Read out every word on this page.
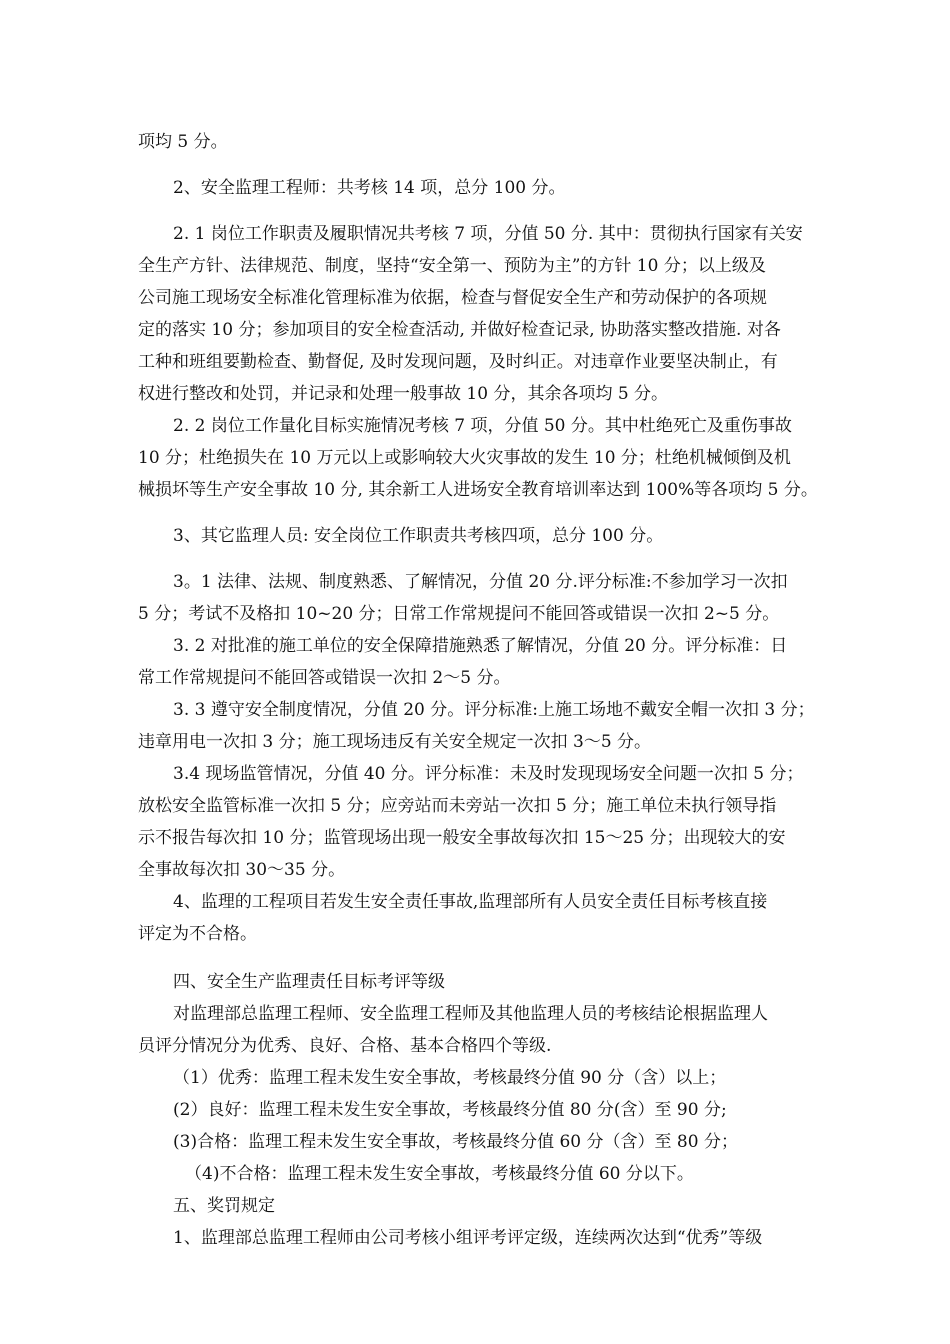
项均 5 分。
2、安全监理工程师：共考核 14 项，总分 100 分。
2. 1 岗位工作职责及履职情况共考核 7 项，分值 50 分. 其中：贯彻执行国家有关安
全生产方针、法律规范、制度，坚持“安全第一、预防为主”的方针 10 分；以上级及
公司施工现场安全标准化管理标准为依据，检查与督促安全生产和劳动保护的各项规
定的落实 10 分；参加项目的安全检查活动, 并做好检查记录, 协助落实整改措施. 对各
工种和班组要勤检查、勤督促, 及时发现问题，及时纠正。对违章作业要坚决制止，有
权进行整改和处罚，并记录和处理一般事故 10 分，其余各项均 5 分。
2. 2 岗位工作量化目标实施情况考核 7 项，分值 50 分。其中杜绝死亡及重伤事故
10 分；杜绝损失在 10 万元以上或影响较大火灾事故的发生 10 分；杜绝机械倾倒及机
械损坏等生产安全事故 10 分, 其余新工人进场安全教育培训率达到 100%等各项均 5 分。
3、其它监理人员: 安全岗位工作职责共考核四项，总分 100 分。
3。1 法律、法规、制度熟悉、了解情况，分值 20 分.评分标准:不参加学习一次扣
5 分；考试不及格扣 10~20 分；日常工作常规提问不能回答或错误一次扣 2~5 分。
3. 2 对批准的施工单位的安全保障措施熟悉了解情况，分值 20 分。评分标准：日
常工作常规提问不能回答或错误一次扣 2～5 分。
3. 3 遵守安全制度情况，分值 20 分。评分标准:上施工场地不戴安全帽一次扣 3 分；
违章用电一次扣 3 分；施工现场违反有关安全规定一次扣 3～5 分。
3.4 现场监管情况，分值 40 分。评分标准：未及时发现现场安全问题一次扣 5 分；
放松安全监管标准一次扣 5 分；应旁站而未旁站一次扣 5 分；施工单位未执行领导指
示不报告每次扣 10 分；监管现场出现一般安全事故每次扣 15～25 分；出现较大的安
全事故每次扣 30～35 分。
4、监理的工程项目若发生安全责任事故,监理部所有人员安全责任目标考核直接
评定为不合格。
四、安全生产监理责任目标考评等级
对监理部总监理工程师、安全监理工程师及其他监理人员的考核结论根据监理人
员评分情况分为优秀、良好、合格、基本合格四个等级.
（1）优秀：监理工程未发生安全事故，考核最终分值 90 分（含）以上；
(2）良好：监理工程未发生安全事故，考核最终分值 80 分(含）至 90 分;
(3)合格：监理工程未发生安全事故，考核最终分值 60 分（含）至 80 分；
（4)不合格：监理工程未发生安全事故，考核最终分值 60 分以下。
五、奖罚规定
1、监理部总监理工程师由公司考核小组评考评定级，连续两次达到“优秀”等级
